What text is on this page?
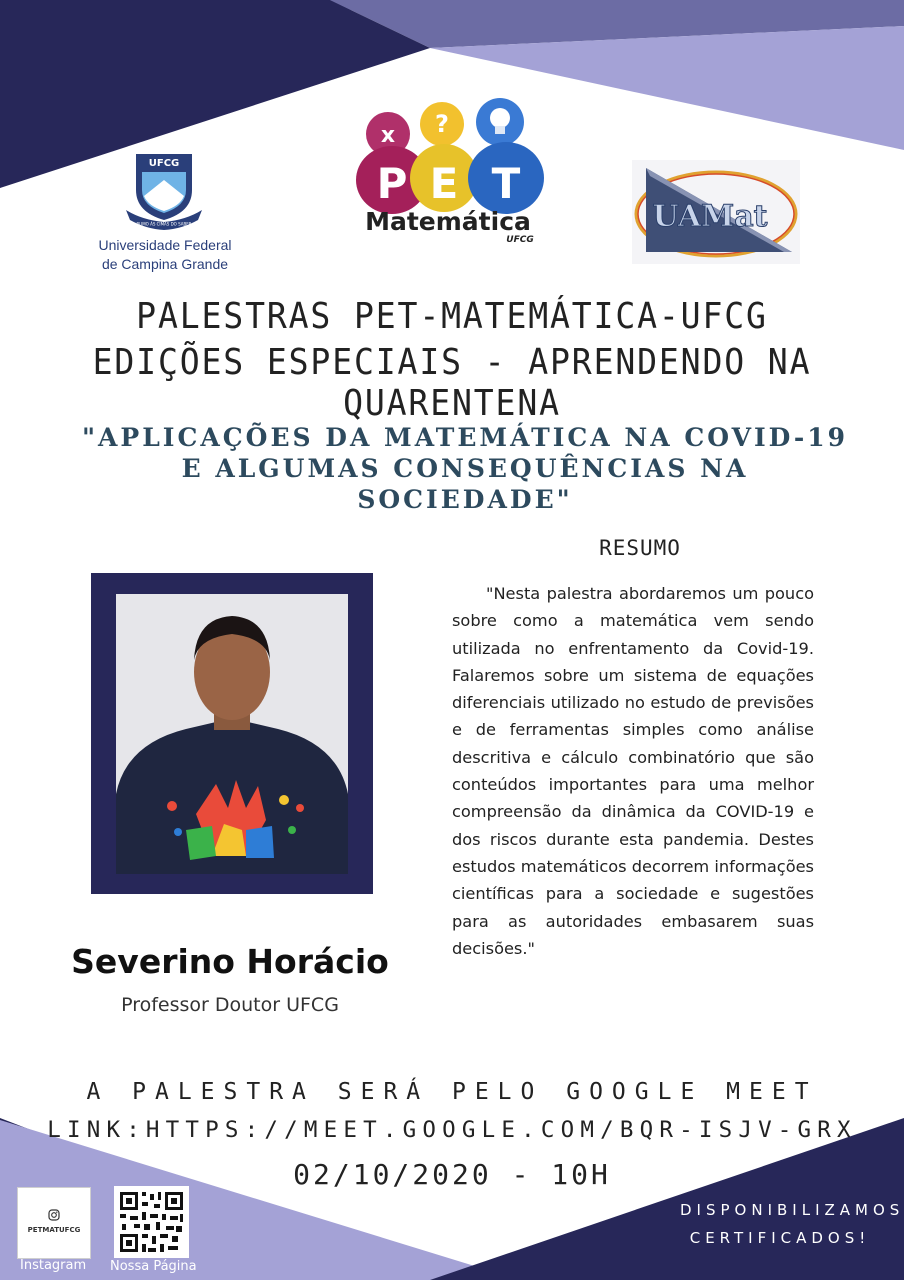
UFCG
RUMO ÀS CIMAS DO SABER
Universidade Federal
de Campina Grande
x ?
P E T
Matemática
UFCG
UAMat
PALESTRAS PET-MATEMÁTICA-UFCG
EDIÇÕES ESPECIAIS - APRENDENDO NA QUARENTENA
"APLICAÇÕES DA MATEMÁTICA NA COVID-19
E ALGUMAS CONSEQUÊNCIAS NA
SOCIEDADE"
RESUMO
"Nesta palestra abordaremos um pouco sobre como a matemática vem sendo utilizada no enfrentamento da Covid-19. Falaremos sobre um sistema de equações diferenciais utilizado no estudo de previsões e de ferramentas simples como análise descritiva e cálculo combinatório que são conteúdos importantes para uma melhor compreensão da dinâmica da COVID-19 e dos riscos durante esta pandemia. Destes estudos matemáticos decorrem informações científicas para a sociedade e sugestões para as autoridades embasarem suas decisões."
Severino Horácio
Professor Doutor UFCG
A PALESTRA SERÁ PELO GOOGLE MEET
LINK:HTTPS://MEET.GOOGLE.COM/BQR-ISJV-GRX
02/10/2020 - 10H
DISPONIBILIZAMOS
CERTIFICADOS!
PETMATUFCG
Instagram Nossa Página
